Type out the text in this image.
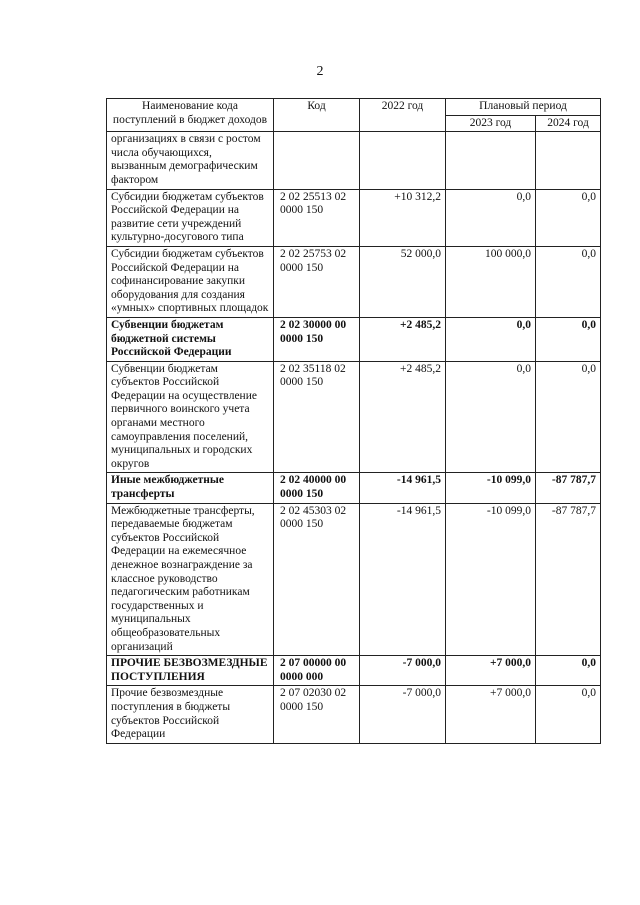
2
Наименование кода поступлений в бюджет доходов	Код	2022 год	Плановый период	
			2023 год	2024 год
организациях в связи с ростом числа обучающихся, вызванным демографическим фактором				
Субсидии бюджетам субъектов Российской Федерации на развитие сети учреждений культурно-досугового типа	2 02 25513 02 0000 150	+10 312,2	0,0	0,0
Субсидии бюджетам субъектов Российской Федерации на софинансирование закупки оборудования для создания «умных» спортивных площадок	2 02 25753 02 0000 150	52 000,0	100 000,0	0,0
Субвенции бюджетам бюджетной системы Российской Федерации	2 02 30000 00 0000 150	+2 485,2	0,0	0,0
Субвенции бюджетам субъектов Российской Федерации на осуществление первичного воинского учета органами местного самоуправления поселений, муниципальных и городских округов	2 02 35118 02 0000 150	+2 485,2	0,0	0,0
Иные межбюджетные трансферты	2 02 40000 00 0000 150	-14 961,5	-10 099,0	-87 787,7
Межбюджетные трансферты, передаваемые бюджетам субъектов Российской Федерации на ежемесячное денежное вознаграждение за классное руководство педагогическим работникам государственных и муниципальных общеобразовательных организаций	2 02 45303 02 0000 150	-14 961,5	-10 099,0	-87 787,7
ПРОЧИЕ БЕЗВОЗМЕЗДНЫЕ ПОСТУПЛЕНИЯ	2 07 00000 00 0000 000	-7 000,0	+7 000,0	0,0
Прочие безвозмездные поступления в бюджеты субъектов Российской Федерации	2 07 02030 02 0000 150	-7 000,0	+7 000,0	0,0
